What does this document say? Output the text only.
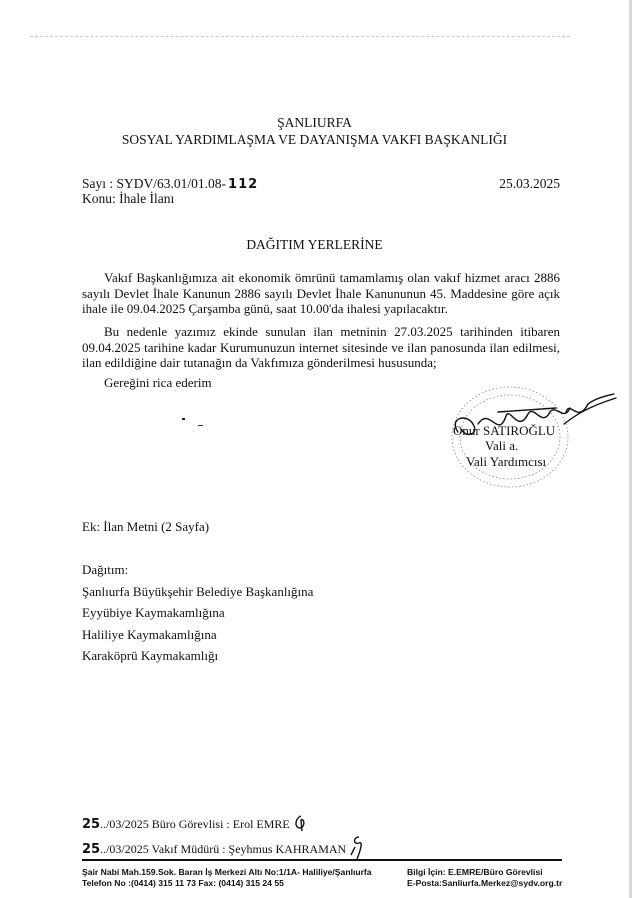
ŞANLIURFA
SOSYAL YARDIMLAŞMA VE DAYANIŞMA VAKFI BAŞKANLIĞI
Sayı : SYDV/63.01/01.08- 112
Konu: İhale İlanı
25.03.2025
DAĞITIM YERLERİNE

Vakıf Başkanlığımıza ait ekonomik ömrünü tamamlamış olan vakıf hizmet aracı 2886 sayılı Devlet İhale Kanunun 2886 sayılı Devlet İhale Kanununun 45. Maddesine göre açık ihale ile 09.04.2025 Çarşamba günü, saat 10.00'da ihalesi yapılacaktır.

Bu nedenle yazımız ekinde sunulan ilan metninin 27.03.2025 tarihinden itibaren 09.04.2025 tarihine kadar Kurumunuzun internet sitesinde ve ilan panosunda ilan edilmesi, ilan edildiğine dair tutanağın da Vakfımıza gönderilmesi hususunda;

Gereğini rica ederim
Onur SATIROĞLU
Vali a.
Vali Yardımcısı
Ek: İlan Metni (2 Sayfa)
Dağıtım:
Şanlıurfa Büyükşehir Belediye Başkanlığına
Eyyübiye Kaymakamlığına
Haliliye Kaymakamlığına
Karaköprü Kaymakamlığı
25../03/2025 Büro Görevlisi : Erol EMRE
25../03/2025 Vakıf Müdürü : Şeyhmus KAHRAMAN
Şair Nabi Mah.159.Sok. Baran İş Merkezi Altı No:1/1A- Haliliye/Şanlıurfa
Telefon No :(0414) 315 11 73 Fax: (0414) 315 24 55
Bilgi İçin: E.EMRE/Büro Görevlisi
E-Posta:Sanliurfa.Merkez@sydv.org.tr
